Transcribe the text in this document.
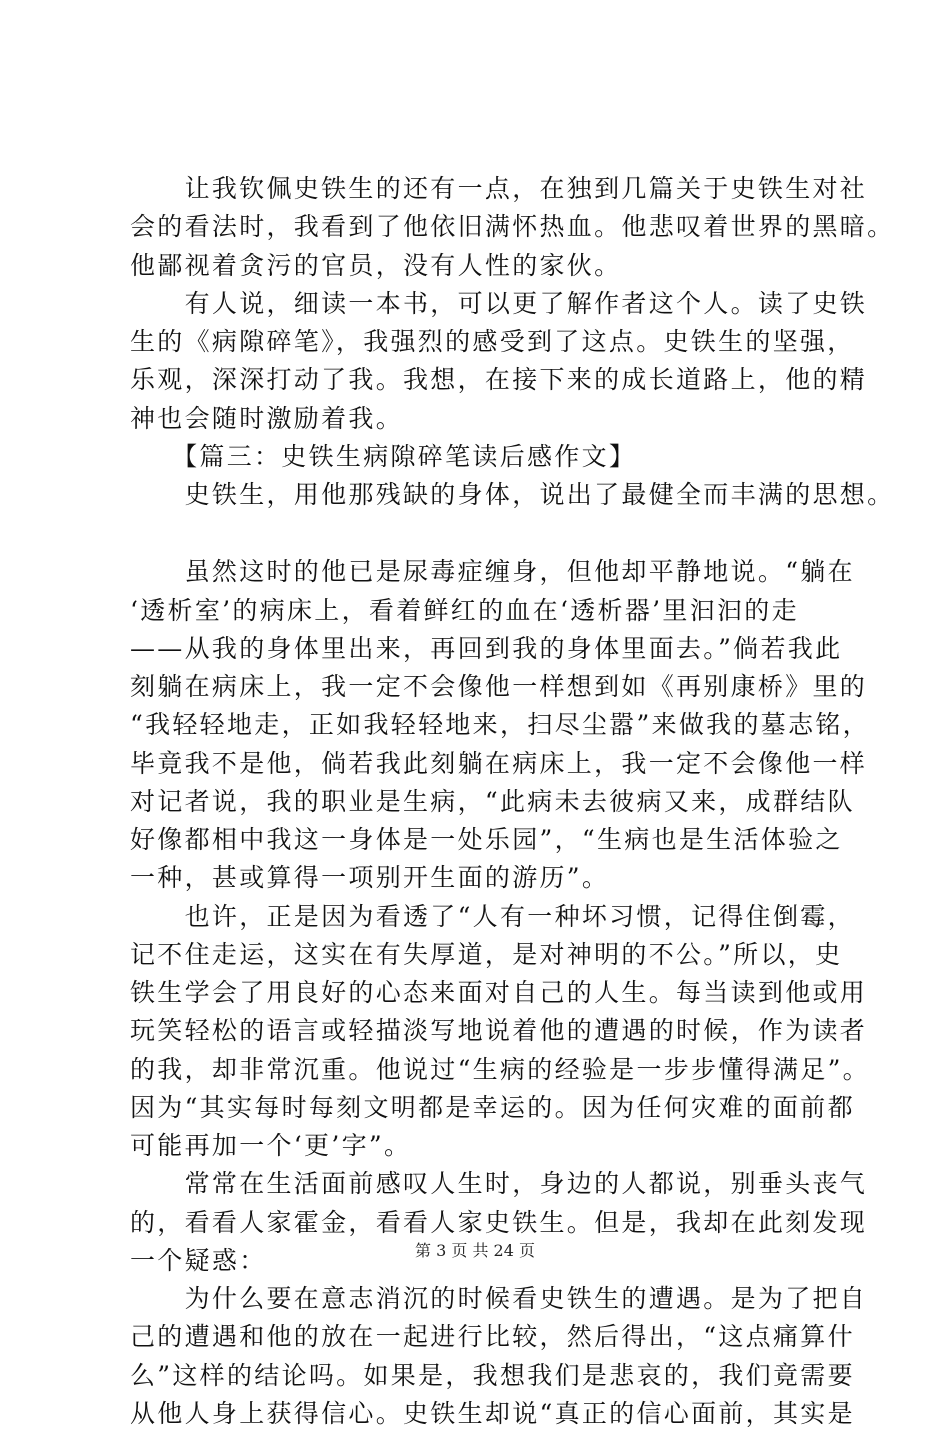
　　让我钦佩史铁生的还有一点，在独到几篇关于史铁生对社
会的看法时，我看到了他依旧满怀热血。他悲叹着世界的黑暗。
他鄙视着贪污的官员，没有人性的家伙。
　　有人说，细读一本书，可以更了解作者这个人。读了史铁
生的《病隙碎笔》，我强烈的感受到了这点。史铁生的坚强，
乐观，深深打动了我。我想，在接下来的成长道路上，他的精
神也会随时激励着我。
　　【篇三：史铁生病隙碎笔读后感作文】
　　史铁生，用他那残缺的身体，说出了最健全而丰满的思想。
　　虽然这时的他已是尿毒症缠身，但他却平静地说。“躺在
‘透析室’的病床上，看着鲜红的血在‘透析器’里汩汩的走
——从我的身体里出来，再回到我的身体里面去。”倘若我此
刻躺在病床上，我一定不会像他一样想到如《再别康桥》里的
“我轻轻地走，正如我轻轻地来，扫尽尘嚣”来做我的墓志铭，
毕竟我不是他，倘若我此刻躺在病床上，我一定不会像他一样
对记者说，我的职业是生病，“此病未去彼病又来，成群结队
好像都相中我这一身体是一处乐园”，“生病也是生活体验之
一种，甚或算得一项别开生面的游历”。
　　也许，正是因为看透了“人有一种坏习惯，记得住倒霉，
记不住走运，这实在有失厚道，是对神明的不公。”所以，史
铁生学会了用良好的心态来面对自己的人生。每当读到他或用
玩笑轻松的语言或轻描淡写地说着他的遭遇的时候，作为读者
的我，却非常沉重。他说过“生病的经验是一步步懂得满足”。
因为“其实每时每刻文明都是幸运的。因为任何灾难的面前都
可能再加一个‘更’字”。
　　常常在生活面前感叹人生时，身边的人都说，别垂头丧气
的，看看人家霍金，看看人家史铁生。但是，我却在此刻发现
一个疑惑：
　　为什么要在意志消沉的时候看史铁生的遭遇。是为了把自
己的遭遇和他的放在一起进行比较，然后得出，“这点痛算什
么”这样的结论吗。如果是，我想我们是悲哀的，我们竟需要
从他人身上获得信心。史铁生却说“真正的信心面前，其实是
第 3 页 共 24 页
